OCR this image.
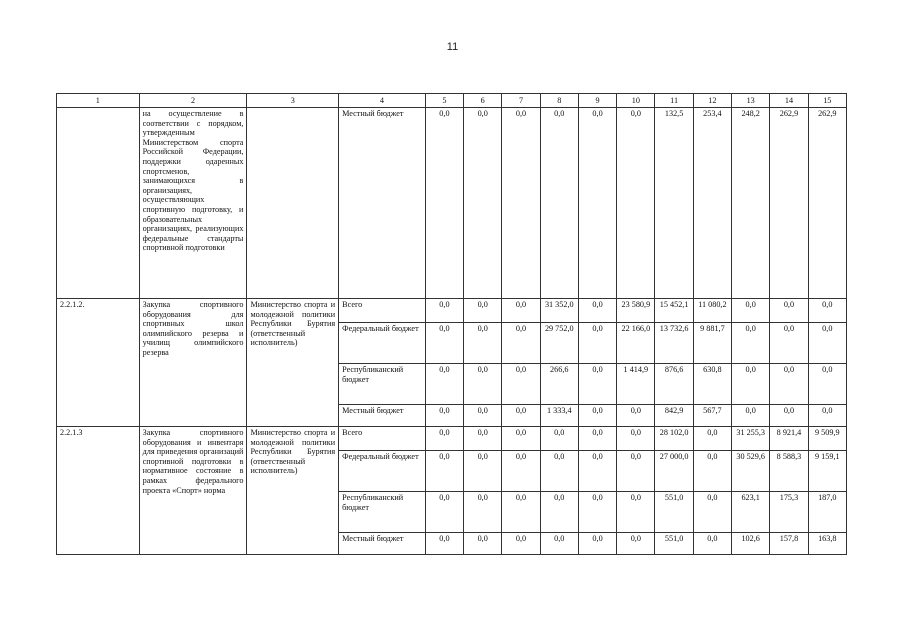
11
1	2	3	4	5	6	7	8	9	10	11	12	13	14	15
	на осуществление в соответствии с порядком, утвержденным Министерством спорта Российской Федерации, поддержки одаренных спортсменов, занимающихся в организациях, осуществляющих спортивную подготовку, и образовательных организациях, реализующих федеральные стандарты спортивной подготовки		Местный бюджет	0,0	0,0	0,0	0,0	0,0	0,0	132,5	253,4	248,2	262,9	262,9
2.2.1.2.	Закупка спортивного оборудования для спортивных школ олимпийского резерва и училищ олимпийского резерва	Министерство спорта и молодежной политики Республики Бурятия (ответственный исполнитель)	Всего	0,0	0,0	0,0	31 352,0	0,0	23 580,9	15 452,1	11 080,2	0,0	0,0	0,0
			Федеральный бюджет	0,0	0,0	0,0	29 752,0	0,0	22 166,0	13 732,6	9 881,7	0,0	0,0	0,0
			Республиканский бюджет	0,0	0,0	0,0	266,6	0,0	1 414,9	876,6	630,8	0,0	0,0	0,0
			Местный бюджет	0,0	0,0	0,0	1 333,4	0,0	0,0	842,9	567,7	0,0	0,0	0,0
2.2.1.3	Закупка спортивного оборудования и инвентаря для приведения организаций спортивной подготовки в нормативное состояние в рамках федерального проекта «Спорт» норма	Министерство спорта и молодежной политики Республики Бурятия (ответственный исполнитель)	Всего	0,0	0,0	0,0	0,0	0,0	0,0	28 102,0	0,0	31 255,3	8 921,4	9 509,9
			Федеральный бюджет	0,0	0,0	0,0	0,0	0,0	0,0	27 000,0	0,0	30 529,6	8 588,3	9 159,1
			Республиканский бюджет	0,0	0,0	0,0	0,0	0,0	0,0	551,0	0,0	623,1	175,3	187,0
			Местный бюджет	0,0	0,0	0,0	0,0	0,0	0,0	551,0	0,0	102,6	157,8	163,8
